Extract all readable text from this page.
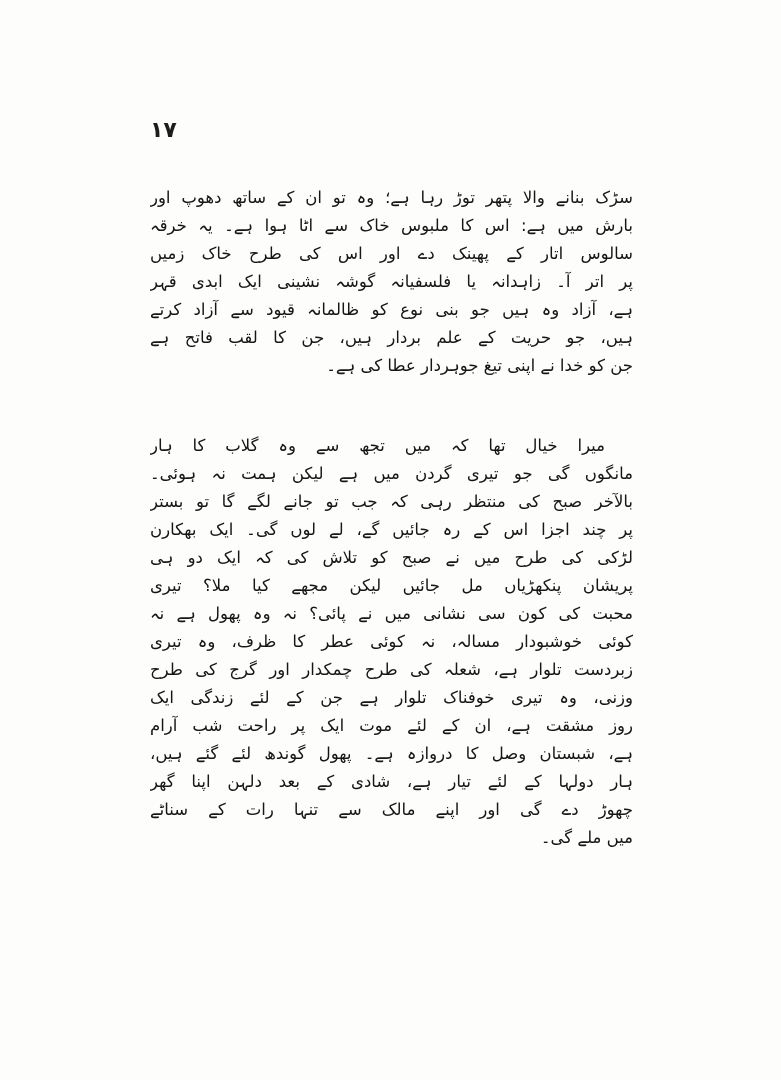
۱۷
سڑک بنانے والا پتھر توڑ رہا ہے؛ وہ تو ان کے ساتھ دھوپ اور
بارش میں ہے: اس کا ملبوس خاک سے اٹا ہوا ہے۔ یہ خرقہ
سالوس اتار کے پھینک دے اور اس کی طرح خاک زمیں
پر اتر آ۔ زاہدانہ یا فلسفیانہ گوشہ نشینی ایک ابدی قہر
ہے، آزاد وہ ہیں جو بنی نوع کو ظالمانہ قیود سے آزاد کرتے
ہیں، جو حریت کے علم بردار ہیں، جن کا لقب فاتح ہے
جن کو خدا نے اپنی تیغ جوہردار عطا کی ہے۔
میرا خیال تھا کہ میں تجھ سے وہ گلاب کا ہار
مانگوں گی جو تیری گردن میں ہے لیکن ہمت نہ ہوئی۔
بالآخر صبح کی منتظر رہی کہ جب تو جانے لگے گا تو بستر
پر چند اجزا اس کے رہ جائیں گے، لے لوں گی۔ ایک بھکارن
لڑکی کی طرح میں نے صبح کو تلاش کی کہ ایک دو ہی
پریشان پنکھڑیاں مل جائیں لیکن مجھے کیا ملا؟ تیری
محبت کی کون سی نشانی میں نے پائی؟ نہ وہ پھول ہے نہ
کوئی خوشبودار مسالہ، نہ کوئی عطر کا ظرف، وہ تیری
زبردست تلوار ہے، شعلہ کی طرح چمکدار اور گرج کی طرح
وزنی، وہ تیری خوفناک تلوار ہے جن کے لئے زندگی ایک
روز مشقت ہے، ان کے لئے موت ایک پر راحت شب آرام
ہے، شبستان وصل کا دروازہ ہے۔ پھول گوندھ لئے گئے ہیں،
ہار دولہا کے لئے تیار ہے، شادی کے بعد دلہن اپنا گھر
چھوڑ دے گی اور اپنے مالک سے تنہا رات کے سناٹے
میں ملے گی۔
